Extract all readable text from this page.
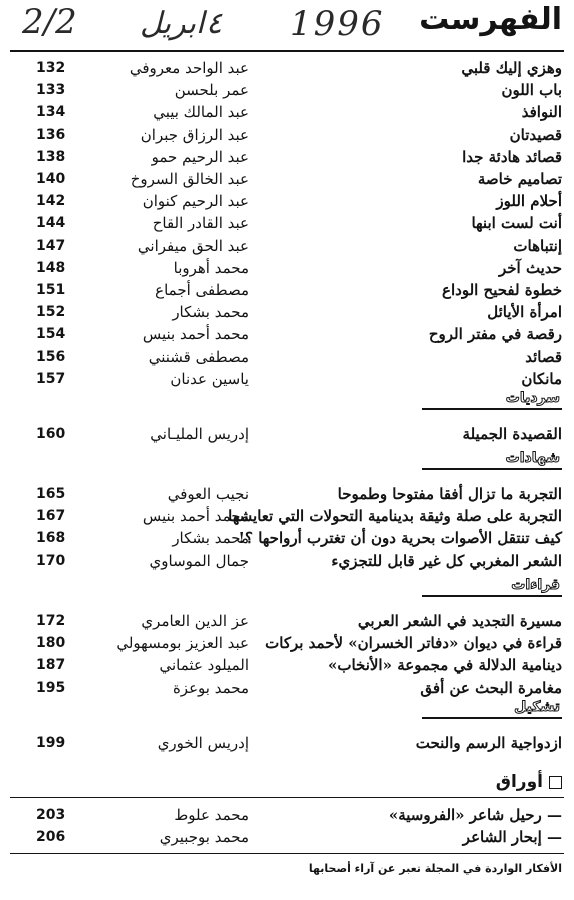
2/2 ابريل ٤ 1996 الفهرست
وهزي إليك قلبي
عبد الواحد معروفي
132
باب اللون
عمر بلحسن
133
النوافذ
عبد المالك بيبي
134
قصيدتان
عبد الرزاق جبران
136
قصائد هادئة جدا
عبد الرحيم حمو
138
تصاميم خاصة
عبد الخالق السروخ
140
أحلام اللوز
عبد الرحيم كنوان
142
أنت لست ابنها
عبد القادر القاح
144
إنتباهات
عبد الحق ميفراني
147
حديث آخر
محمد أهروبا
148
خطوة لفحيح الوداع
مصطفى أجماع
151
امرأة الأيائل
محمد بشكار
152
رقصة في مفتر الروح
محمد أحمد بنيس
154
قصائد
مصطفى قشنني
156
مانكان
ياسين عدنان
157
سرديات
القصيدة الجميلة
إدريس المليـاني
160
شهادات
التجربة ما تزال أفقا مفتوحا وطموحا
نجيب العوفي
165
التجربة على صلة وثيقة بدينامية التحولات التي تعايشها
محمد أحمد بنيس
167
كيف تنتقل الأصوات بحرية دون أن تغترب أرواحها ؟!
محمد بشكار
168
الشعر المغربي كل غير قابل للتجزيء
جمال الموساوي
170
قراءات
مسيرة التجديد في الشعر العربي
عز الدين العامري
172
قراءة في ديوان «دفاتر الخسران» لأحمد بركات
عبد العزيز بومسهولي
180
دينامية الدلالة في مجموعة «الأنخاب»
الميلود عثماني
187
مغامرة البحث عن أفق
محمد بوعزة
195
تشكيل
ازدواجية الرسم والنحت
إدريس الخوري
199
أوراق
— رحيل شاعر «الفروسية»
محمد علوط
203
— إبحار الشاعر
محمد بوجبيري
206
الأفكار الواردة في المجلة تعبر عن آراء أصحابها
